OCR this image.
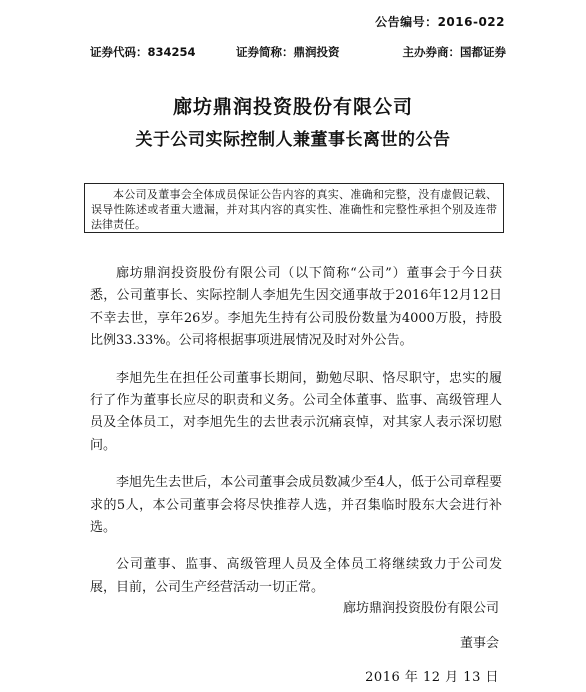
公告编号：2016-022
证券代码：834254	证券简称：鼎润投资	主办券商：国都证券
廊坊鼎润投资股份有限公司
关于公司实际控制人兼董事长离世的公告
本公司及董事会全体成员保证公告内容的真实、准确和完整，没有虚假记载、误导性陈述或者重大遗漏，并对其内容的真实性、准确性和完整性承担个别及连带法律责任。

廊坊鼎润投资股份有限公司（以下简称“公司”）董事会于今日获悉，公司董事长、实际控制人李旭先生因交通事故于2016年12月12日不幸去世，享年26岁。李旭先生持有公司股份数量为4000万股，持股比例33.33%。公司将根据事项进展情况及时对外公告。

李旭先生在担任公司董事长期间，勤勉尽职、恪尽职守，忠实的履行了作为董事长应尽的职责和义务。公司全体董事、监事、高级管理人员及全体员工，对李旭先生的去世表示沉痛哀悼，对其家人表示深切慰问。

李旭先生去世后，本公司董事会成员数减少至4人，低于公司章程要求的5人，本公司董事会将尽快推荐人选，并召集临时股东大会进行补选。

公司董事、监事、高级管理人员及全体员工将继续致力于公司发展，目前，公司生产经营活动一切正常。

廊坊鼎润投资股份有限公司
董事会
2016 年 12 月 13 日
